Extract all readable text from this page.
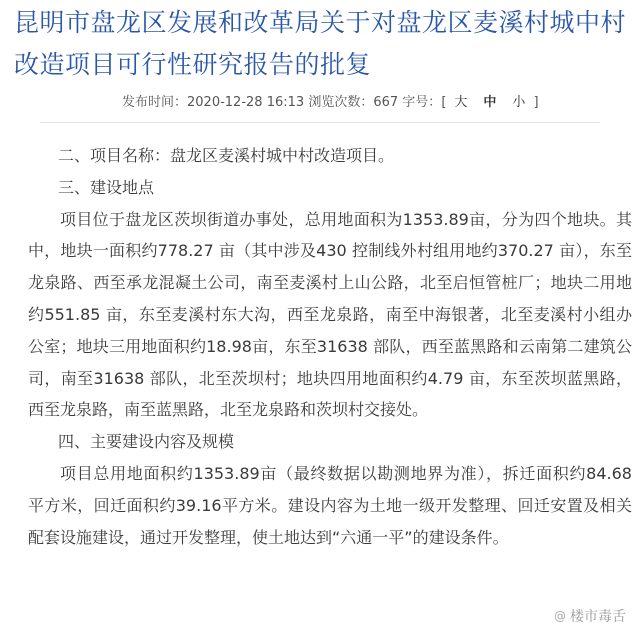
昆明市盘龙区发展和改革局关于对盘龙区麦溪村城中村改造项目可行性研究报告的批复
发布时间：2020-12-28 16:13 浏览次数：667 字号：[ 大 中 小 ]

二、项目名称：盘龙区麦溪村城中村改造项目。

三、建设地点

项目位于盘龙区茨坝街道办事处，总用地面积为1353.89亩，分为四个地块。其中，地块一面积约778.27 亩（其中涉及430 控制线外村组用地约370.27 亩），东至龙泉路、西至承龙混凝土公司，南至麦溪村上山公路，北至启恒管桩厂；地块二用地约551.85 亩，东至麦溪村东大沟，西至龙泉路，南至中海银著，北至麦溪村小组办公室；地块三用地面积约18.98亩，东至31638 部队，西至蓝黑路和云南第二建筑公司，南至31638 部队，北至茨坝村；地块四用地面积约4.79 亩，东至茨坝蓝黑路，西至龙泉路，南至蓝黑路，北至龙泉路和茨坝村交接处。

四、主要建设内容及规模

项目总用地面积约1353.89亩（最终数据以勘测地界为准），拆迁面积约84.68 平方米，回迁面积约39.16平方米。建设内容为土地一级开发整理、回迁安置及相关配套设施建设，通过开发整理，使土地达到“六通一平”的建设条件。

@ 楼市毒舌
